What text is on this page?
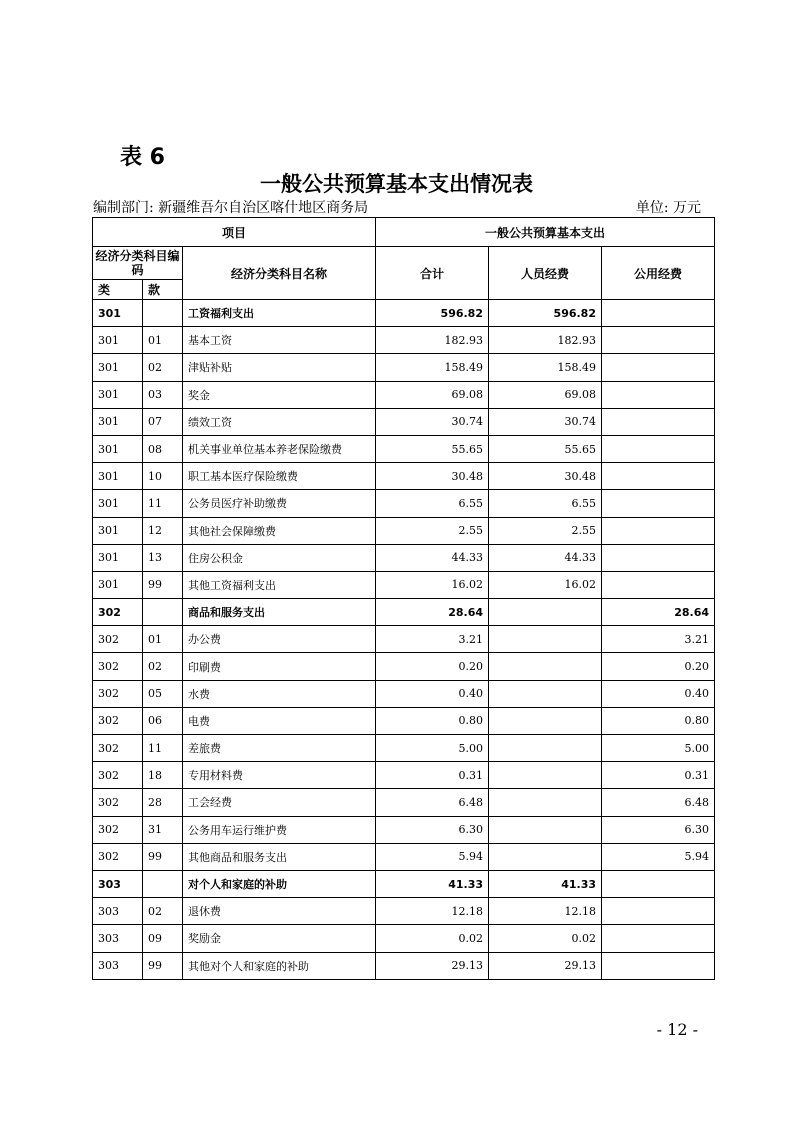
表 6
一般公共预算基本支出情况表
编制部门: 新疆维吾尔自治区喀什地区商务局	单位: 万元
项目			一般公共预算基本支出		
经济分类科目编码		经济分类科目名称	合计	人员经费	公用经费
类	款				
301		工资福利支出	596.82	596.82	
301	01	基本工资	182.93	182.93	
301	02	津贴补贴	158.49	158.49	
301	03	奖金	69.08	69.08	
301	07	绩效工资	30.74	30.74	
301	08	机关事业单位基本养老保险缴费	55.65	55.65	
301	10	职工基本医疗保险缴费	30.48	30.48	
301	11	公务员医疗补助缴费	6.55	6.55	
301	12	其他社会保障缴费	2.55	2.55	
301	13	住房公积金	44.33	44.33	
301	99	其他工资福利支出	16.02	16.02	
302		商品和服务支出	28.64		28.64
302	01	办公费	3.21		3.21
302	02	印刷费	0.20		0.20
302	05	水费	0.40		0.40
302	06	电费	0.80		0.80
302	11	差旅费	5.00		5.00
302	18	专用材料费	0.31		0.31
302	28	工会经费	6.48		6.48
302	31	公务用车运行维护费	6.30		6.30
302	99	其他商品和服务支出	5.94		5.94
303		对个人和家庭的补助	41.33	41.33	
303	02	退休费	12.18	12.18	
303	09	奖励金	0.02	0.02	
303	99	其他对个人和家庭的补助	29.13	29.13	
- 12 -
